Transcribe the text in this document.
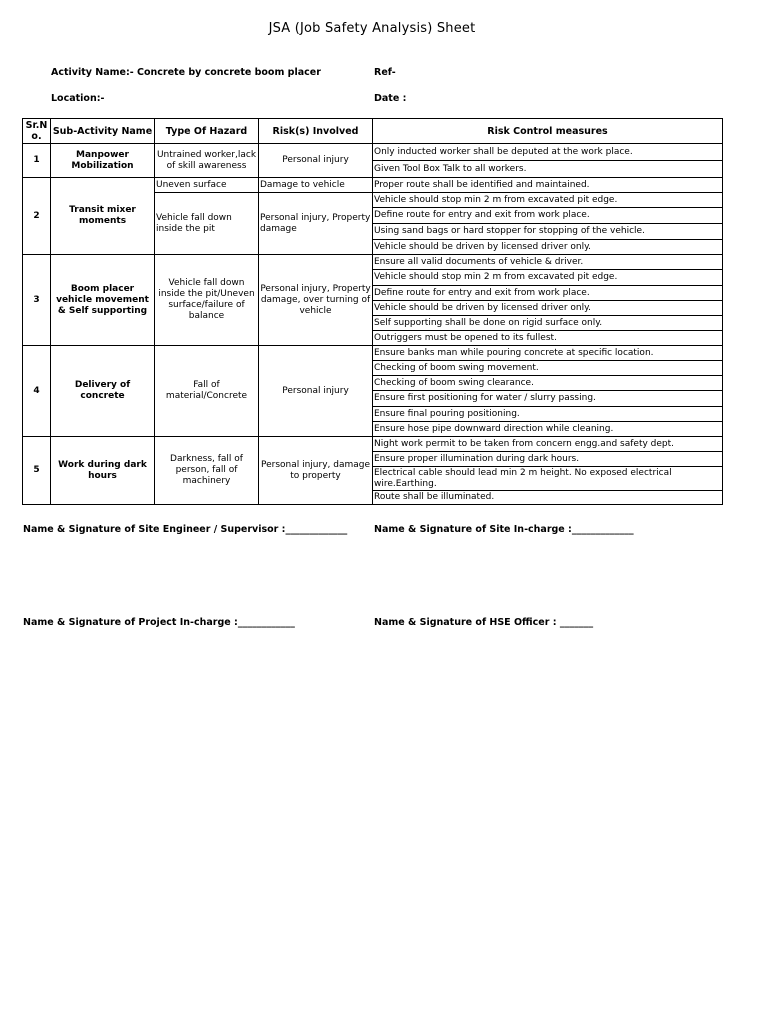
JSA (Job Safety Analysis) Sheet
Activity Name:- Concrete by concrete boom placer	Ref-
Location:-	Date :
Sr.No.	Sub-Activity Name	Type Of Hazard	Risk(s) Involved	Risk Control measures
1	Manpower Mobilization	Untrained worker,lack of skill awareness	Personal injury	Only inducted worker shall be deputed at the work place.
				Given Tool Box Talk to all workers.
2	Transit mixer moments	Uneven surface	Damage to vehicle	Proper route shall be identified and maintained.
		Vehicle fall down inside the pit	Personal injury, Property damage	Vehicle should stop min 2 m from excavated pit edge.
				Define route for entry and exit from work place.
				Using sand bags or hard stopper for stopping of the vehicle.
				Vehicle should be driven by licensed driver only.
3	Boom placer vehicle movement & Self supporting	Vehicle fall down inside the pit/Uneven surface/failure of balance	Personal injury, Property damage, over turning of vehicle	Ensure all valid documents of vehicle & driver.
				Vehicle should stop min 2 m from excavated pit edge.
				Define route for entry and exit from work place.
				Vehicle should be driven by licensed driver only.
				Self supporting shall be done on rigid surface only.
				Outriggers must be opened to its fullest.
4	Delivery of concrete	Fall of material/Concrete	Personal injury	Ensure banks man while pouring concrete at specific location.
				Checking of boom swing movement.
				Checking of boom swing clearance.
				Ensure first positioning for water / slurry passing.
				Ensure final pouring positioning.
				Ensure hose pipe downward direction while cleaning.
5	Work during dark hours	Darkness, fall of person, fall of machinery	Personal injury, damage to property	Night work permit to be taken from concern engg.and safety dept.
				Ensure proper illumination during dark hours.
				Electrical cable should lead min 2 m height. No exposed electrical wire.Earthing.
				Route shall be illuminated.
Name & Signature of Site Engineer / Supervisor :_____________	Name & Signature of Site In-charge :_____________
Name & Signature of Project In-charge :____________	Name & Signature of HSE Officer : _______
